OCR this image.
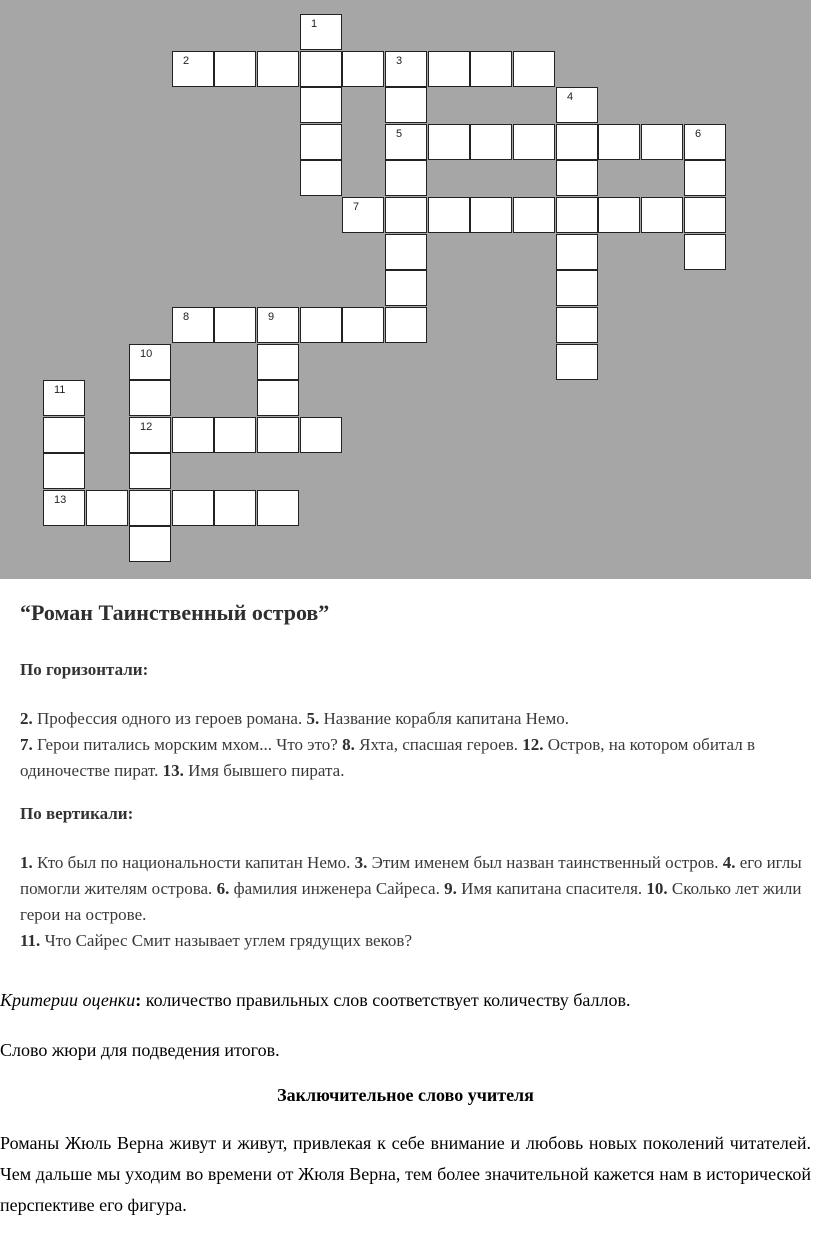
2	3
1
5	6
4
7
8	9
10
12
11
13
“Роман Таинственный остров”
По горизонтали:

2. Профессия одного из героев романа. 5. Название корабля капитана Немо.
7. Герои питались морским мхом... Что это? 8. Яхта, спасшая героев. 12. Остров, на котором обитал в одиночестве пират. 13. Имя бывшего пирата.

По вертикали:

1. Кто был по национальности капитан Немо. 3. Этим именем был назван таинственный остров. 4. его иглы помогли жителям острова. 6. фамилия инженера Сайреса. 9. Имя капитана спасителя. 10. Сколько лет жили герои на острове.
11. Что Сайрес Смит называет углем грядущих веков?

Критерии оценки: количество правильных слов соответствует количеству баллов.

Слово жюри для подведения итогов.

Заключительное слово учителя

Романы Жюль Верна живут и живут, привлекая к себе внимание и любовь новых поколений читателей. Чем дальше мы уходим во времени от Жюля Верна, тем более значительной кажется нам в исторической перспективе его фигура.
